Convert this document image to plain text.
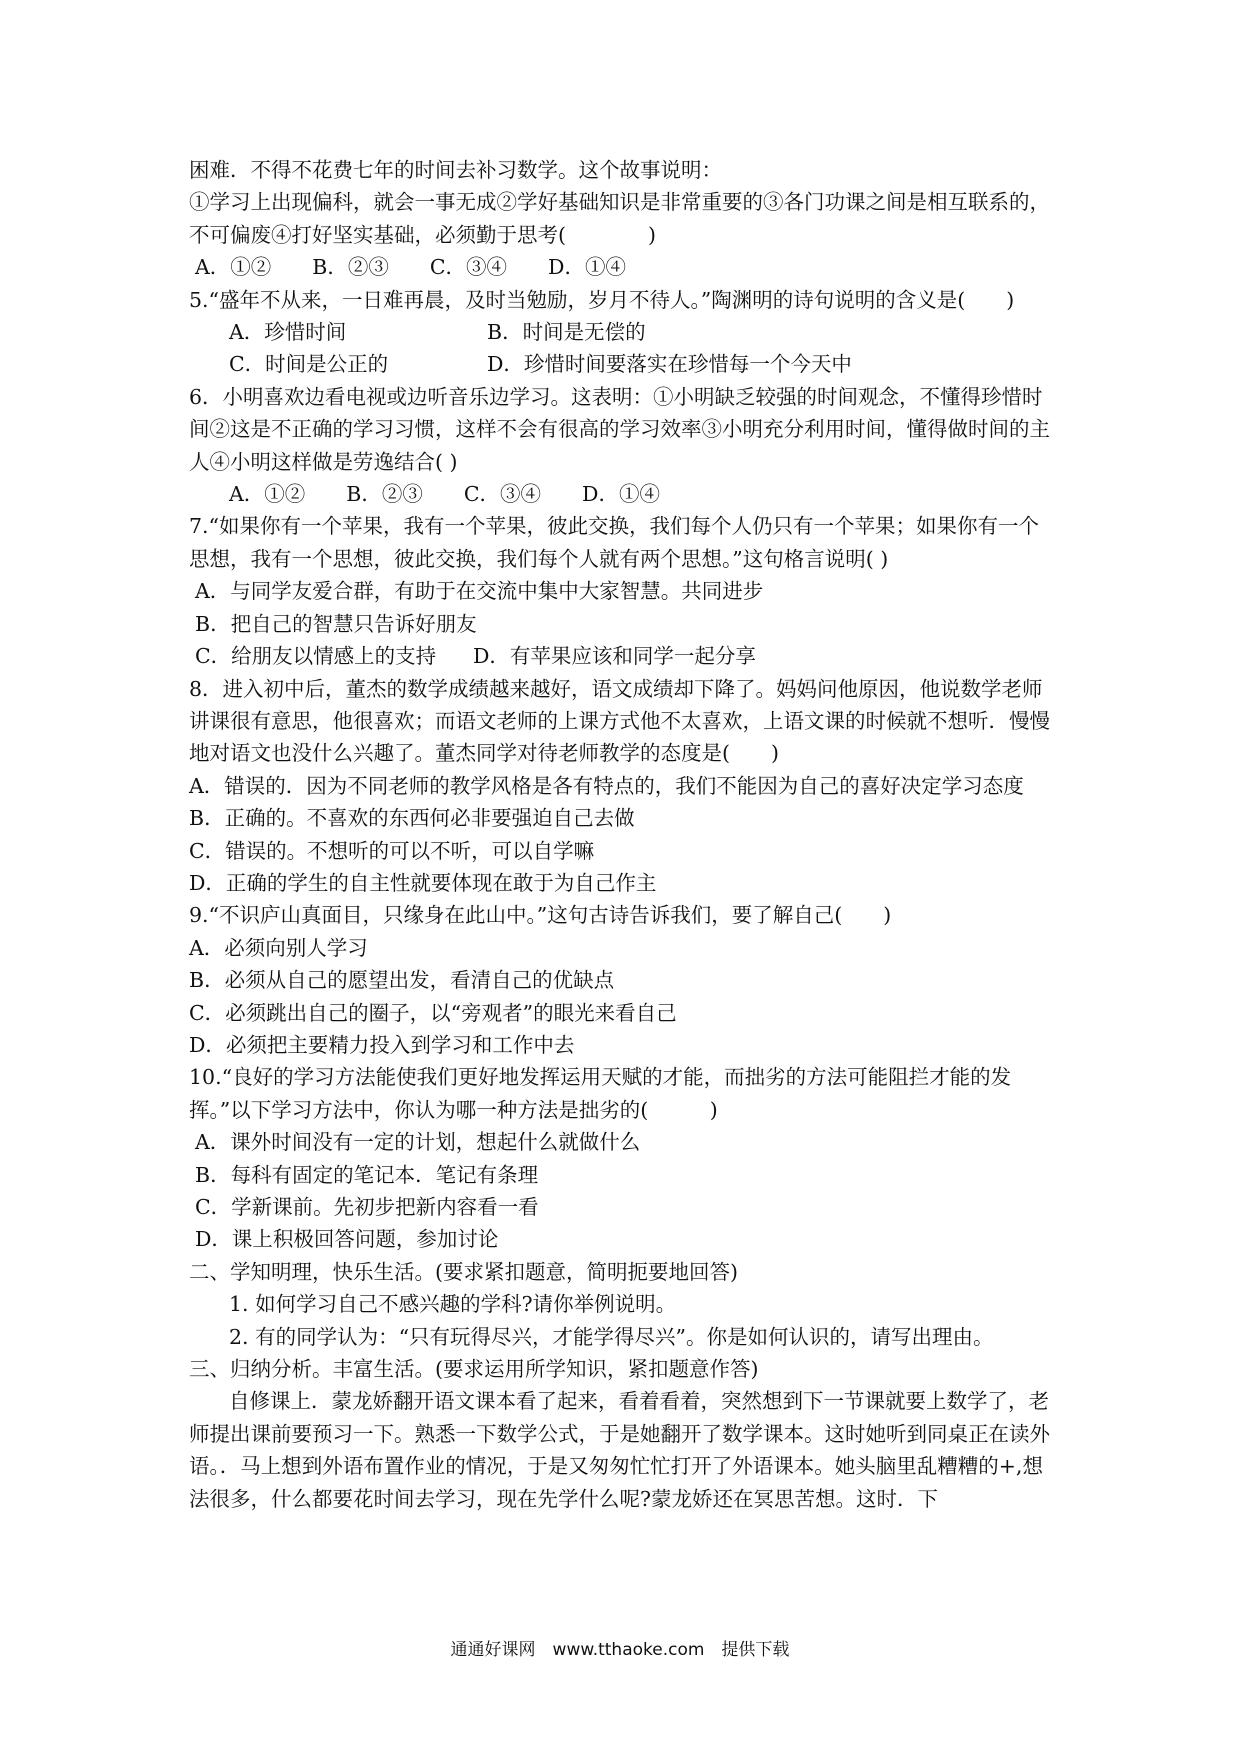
困难．不得不花费七年的时间去补习数学。这个故事说明：

①学习上出现偏科，就会一事无成②学好基础知识是非常重要的③各门功课之间是相互联系的，不可偏废④打好坚实基础，必须勤于思考(　　　　)

A．①②　　B．②③　　C．③④　　D．①④

5.“盛年不从来，一日难再晨，及时当勉励，岁月不待人。”陶渊明的诗句说明的含义是(　　)

A．珍惜时间	B．时间是无偿的
C．时间是公正的	D．珍惜时间要落实在珍惜每一个今天中

6．小明喜欢边看电视或边听音乐边学习。这表明：①小明缺乏较强的时间观念，不懂得珍惜时间②这是不正确的学习习惯，这样不会有很高的学习效率③小明充分利用时间，懂得做时间的主人④小明这样做是劳逸结合( )

A．①②　　B．②③　　C．③④　　D．①④

7.“如果你有一个苹果，我有一个苹果，彼此交换，我们每个人仍只有一个苹果；如果你有一个思想，我有一个思想，彼此交换，我们每个人就有两个思想。”这句格言说明( )

A．与同学友爱合群，有助于在交流中集中大家智慧。共同进步

B．把自己的智慧只告诉好朋友

C．给朋友以情感上的支持	D．有苹果应该和同学一起分享

8．进入初中后，董杰的数学成绩越来越好，语文成绩却下降了。妈妈问他原因，他说数学老师讲课很有意思，他很喜欢；而语文老师的上课方式他不太喜欢，上语文课的时候就不想听．慢慢地对语文也没什么兴趣了。董杰同学对待老师教学的态度是(　　)

A．错误的．因为不同老师的教学风格是各有特点的，我们不能因为自己的喜好决定学习态度

B．正确的。不喜欢的东西何必非要强迫自己去做

C．错误的。不想听的可以不听，可以自学嘛

D．正确的学生的自主性就要体现在敢于为自己作主

9.“不识庐山真面目，只缘身在此山中。”这句古诗告诉我们，要了解自己(　　)

A．必须向别人学习

B．必须从自己的愿望出发，看清自己的优缺点

C．必须跳出自己的圈子，以“旁观者”的眼光来看自己

D．必须把主要精力投入到学习和工作中去

10.“良好的学习方法能使我们更好地发挥运用天赋的才能，而拙劣的方法可能阻拦才能的发挥。”以下学习方法中，你认为哪一种方法是拙劣的(　　　)

A．课外时间没有一定的计划，想起什么就做什么

B．每科有固定的笔记本．笔记有条理

C．学新课前。先初步把新内容看一看

D．课上积极回答问题，参加讨论

二、学知明理，快乐生活。(要求紧扣题意，简明扼要地回答)

1. 如何学习自己不感兴趣的学科?请你举例说明。

2. 有的同学认为：“只有玩得尽兴，才能学得尽兴”。你是如何认识的，请写出理由。

三、归纳分析。丰富生活。(要求运用所学知识，紧扣题意作答)

自修课上．蒙龙娇翻开语文课本看了起来，看着看着，突然想到下一节课就要上数学了，老师提出课前要预习一下。熟悉一下数学公式，于是她翻开了数学课本。这时她听到同桌正在读外语。．马上想到外语布置作业的情况，于是又匆匆忙忙打开了外语课本。她头脑里乱糟糟的+,想法很多，什么都要花时间去学习，现在先学什么呢?蒙龙娇还在冥思苦想。这时．下

通通好课网　www.tthaoke.com　提供下载
